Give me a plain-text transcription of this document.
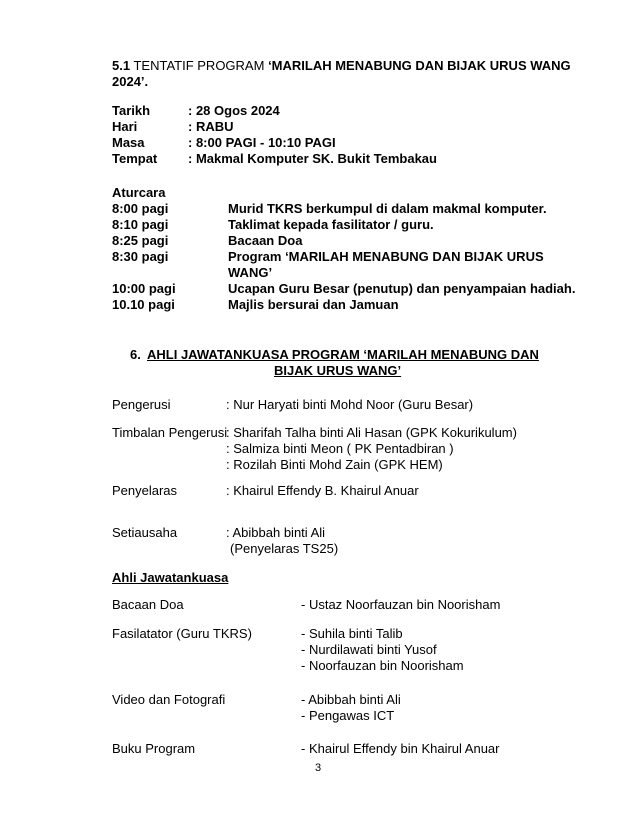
5.1 TENTATIF PROGRAM ‘MARILAH MENABUNG DAN BIJAK URUS WANG
2024’.
Tarikh	: 28 Ogos 2024
Hari	: RABU
Masa	: 8:00 PAGI - 10:10 PAGI
Tempat : Makmal Komputer SK. Bukit Tembakau
Aturcara
8:00 pagi	Murid TKRS berkumpul di dalam makmal komputer.
8:10 pagi	Taklimat kepada fasilitator / guru.
8:25 pagi	Bacaan Doa
8:30 pagi	Program ‘MARILAH MENABUNG DAN BIJAK URUS
WANG’
10:00 pagi	Ucapan Guru Besar (penutup) dan penyampaian hadiah.
10.10 pagi	Majlis bersurai dan Jamuan
6. AHLI JAWATANKUASA PROGRAM ‘MARILAH MENABUNG DAN
BIJAK URUS WANG’
Pengerusi	: Nur Haryati binti Mohd Noor (Guru Besar)
Timbalan Pengerusi
: Sharifah Talha binti Ali Hasan (GPK Kokurikulum)
: Salmiza binti Meon ( PK Pentadbiran )
: Rozilah Binti Mohd Zain (GPK HEM)
Penyelaras	: Khairul Effendy B. Khairul Anuar
Setiausaha	: Abibbah binti Ali
(Penyelaras TS25)
Ahli Jawatankuasa
Bacaan Doa	- Ustaz Noorfauzan bin Noorisham
Fasilatator (Guru TKRS)	- Suhila binti Talib
- Nurdilawati binti Yusof
- Noorfauzan bin Noorisham
Video dan Fotografi	- Abibbah binti Ali
- Pengawas ICT
Buku Program	- Khairul Effendy bin Khairul Anuar
3
